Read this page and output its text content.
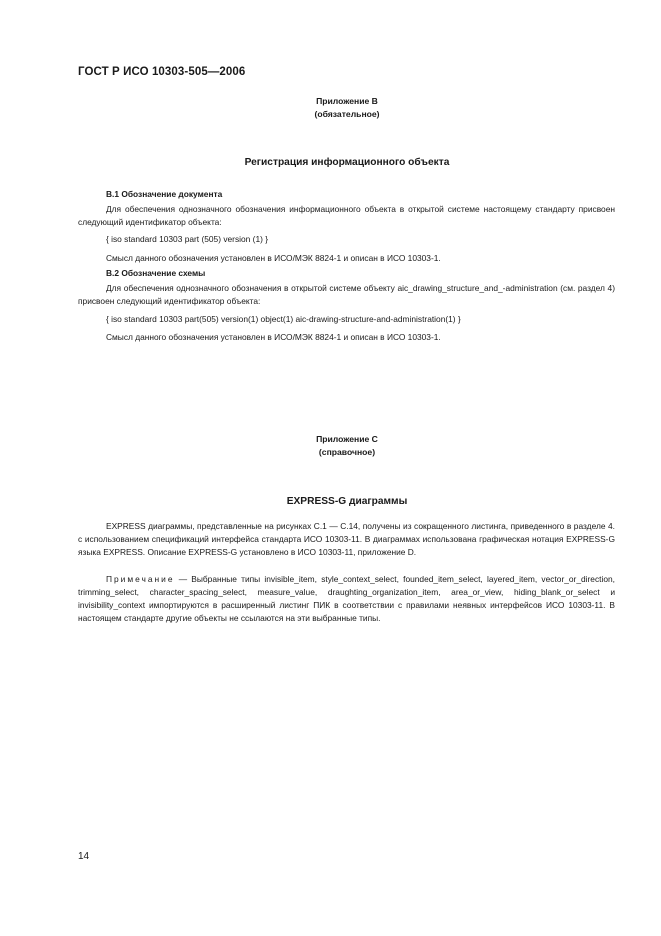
ГОСТ Р ИСО 10303-505—2006
Приложение B
(обязательное)
Регистрация информационного объекта

B.1 Обозначение документа

Для обеспечения однозначного обозначения информационного объекта в открытой системе настоящему стандарту присвоен следующий идентификатор объекта:

{ iso standard 10303 part (505) version (1) }

Смысл данного обозначения установлен в ИСО/МЭК 8824-1 и описан в ИСО 10303-1.

B.2 Обозначение схемы

Для обеспечения однозначного обозначения в открытой системе объекту aic_drawing_structure_and_-administration (см. раздел 4) присвоен следующий идентификатор объекта:

{ iso standard 10303 part(505) version(1) object(1) aic-drawing-structure-and-administration(1) }

Смысл данного обозначения установлен в ИСО/МЭК 8824-1 и описан в ИСО 10303-1.

Приложение C
(справочное)
EXPRESS-G диаграммы

EXPRESS диаграммы, представленные на рисунках C.1 — C.14, получены из сокращенного листинга, приведенного в разделе 4. с использованием спецификаций интерфейса стандарта ИСО 10303-11. В диаграммах использована графическая нотация EXPRESS-G языка EXPRESS. Описание EXPRESS-G установлено в ИСО 10303-11, приложение D.

Примечание — Выбранные типы invisible_item, style_context_select, founded_item_select, layered_item, vector_or_direction, trimming_select, character_spacing_select, measure_value, draughting_organization_item, area_or_view, hiding_blank_or_select и invisibility_context импортируются в расширенный листинг ПИК в соответствии с правилами неявных интерфейсов ИСО 10303-11. В настоящем стандарте другие объекты не ссылаются на эти выбранные типы.

14
